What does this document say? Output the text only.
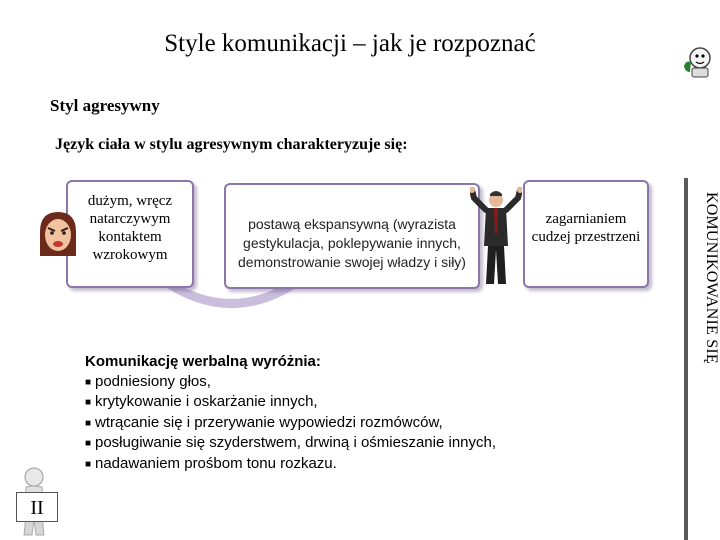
Style komunikacji – jak je rozpoznać
Styl agresywny
Język ciała w stylu agresywnym charakteryzuje się:
dużym, wręcz natarczywym kontaktem wzrokowym
postawą ekspansywną (wyrazista gestykulacja, poklepywanie innych, demonstrowanie swojej władzy i siły)
zagarnianiem cudzej przestrzeni
Komunikację werbalną wyróżnia:
■ podniesiony głos,
■ krytykowanie i oskarżanie innych,
■ wtrącanie się i przerywanie wypowiedzi rozmówców,
■ posługiwanie się szyderstwem, drwiną i ośmieszanie innych,
■ nadawaniem prośbom tonu rozkazu.
KOMUNIKOWANIE SIĘ
II
